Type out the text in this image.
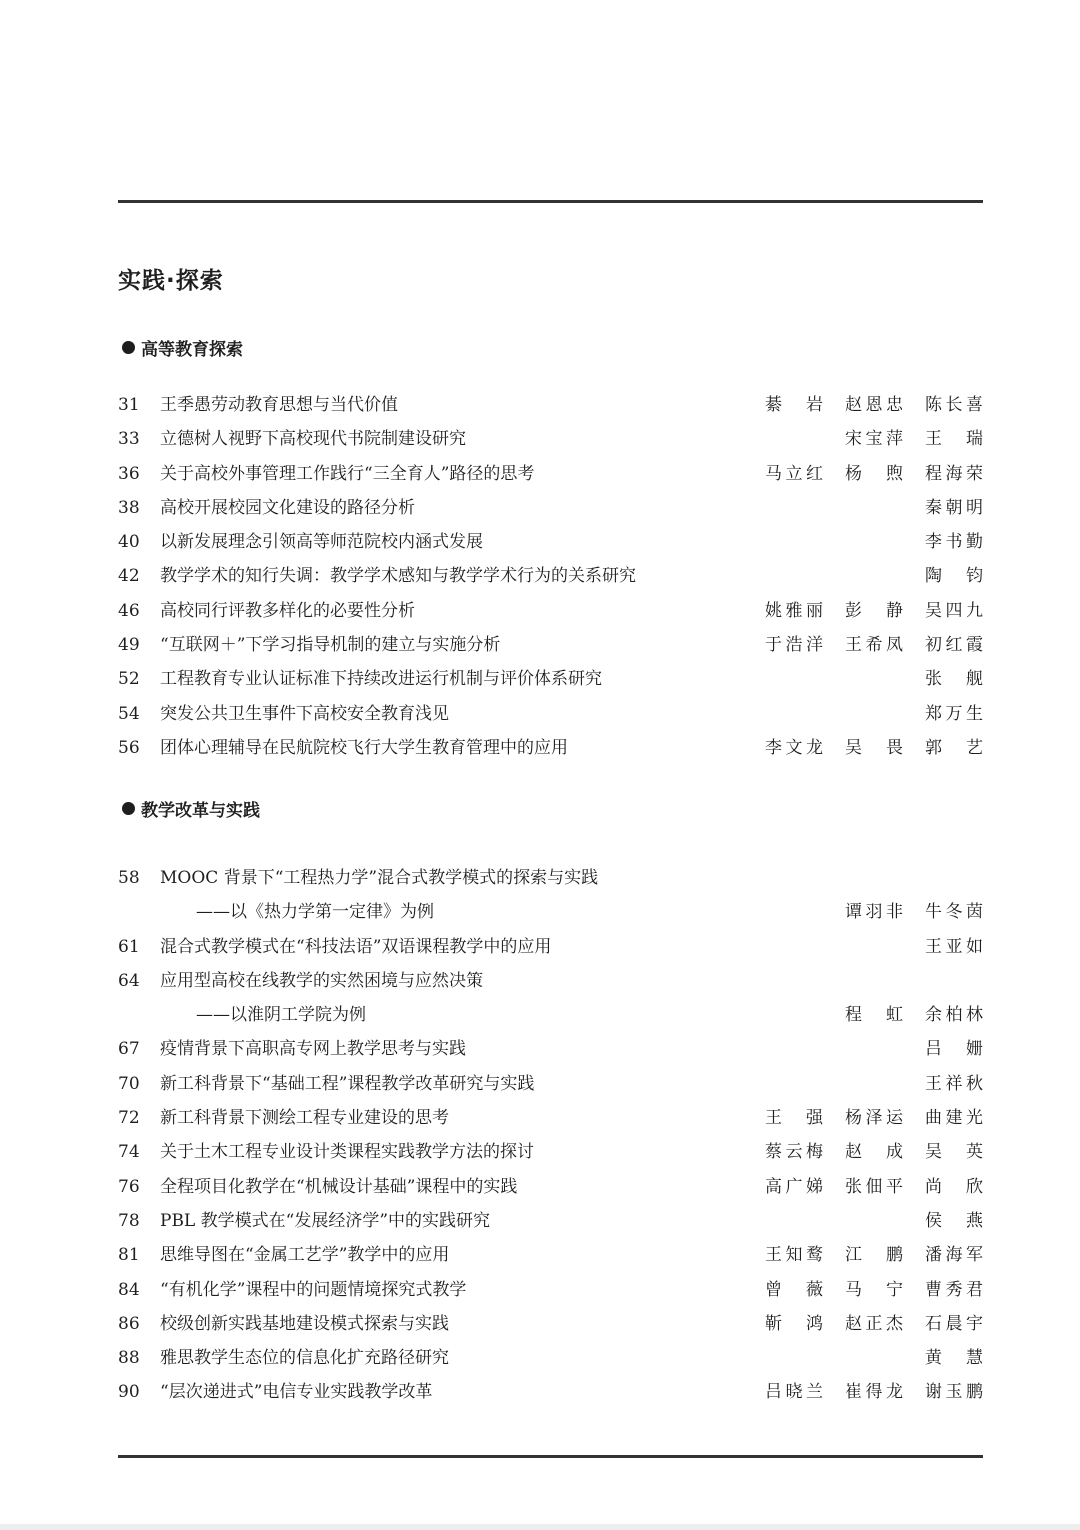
实践·探索
高等教育探索
31	王季愚劳动教育思想与当代价值	綦　岩 赵恩忠 陈长喜
33	立德树人视野下高校现代书院制建设研究	宋宝萍 王　瑞
36	关于高校外事管理工作践行“三全育人”路径的思考	马立红 杨　煦 程海荣
38	高校开展校园文化建设的路径分析	秦朝明
40	以新发展理念引领高等师范院校内涵式发展	李书勤
42	教学学术的知行失调：教学学术感知与教学学术行为的关系研究	陶　钧
46	高校同行评教多样化的必要性分析	姚雅丽 彭　静 吴四九
49	“互联网＋”下学习指导机制的建立与实施分析	于浩洋 王希凤 初红霞
52	工程教育专业认证标准下持续改进运行机制与评价体系研究	张　舰
54	突发公共卫生事件下高校安全教育浅见	郑万生
56	团体心理辅导在民航院校飞行大学生教育管理中的应用	李文龙 吴　畏 郭　艺
教学改革与实践
58	MOOC 背景下“工程热力学”混合式教学模式的探索与实践
——以《热力学第一定律》为例	谭羽非 牛冬茵
61	混合式教学模式在“科技法语”双语课程教学中的应用	王亚如
64	应用型高校在线教学的实然困境与应然决策
——以淮阴工学院为例	程　虹 余柏林
67	疫情背景下高职高专网上教学思考与实践	吕　姗
70	新工科背景下“基础工程”课程教学改革研究与实践	王祥秋
72	新工科背景下测绘工程专业建设的思考	王　强 杨泽运 曲建光
74	关于土木工程专业设计类课程实践教学方法的探讨	蔡云梅 赵　成 吴　英
76	全程项目化教学在“机械设计基础”课程中的实践	高广娣 张佃平 尚　欣
78	PBL 教学模式在“发展经济学”中的实践研究	侯　燕
81	思维导图在“金属工艺学”教学中的应用	王知鹜 江　鹏 潘海军
84	“有机化学”课程中的问题情境探究式教学	曾　薇 马　宁 曹秀君
86	校级创新实践基地建设模式探索与实践	靳　鸿 赵正杰 石晨宇
88	雅思教学生态位的信息化扩充路径研究	黄　慧
90	“层次递进式”电信专业实践教学改革	吕晓兰 崔得龙 谢玉鹏
